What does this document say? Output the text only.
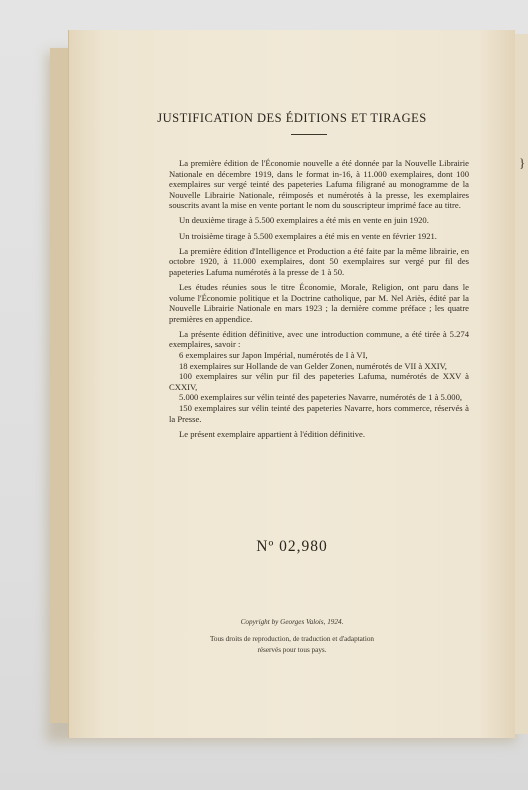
}
JUSTIFICATION DES ÉDITIONS ET TIRAGES

La première édition de l'Économie nouvelle a été donnée par la Nouvelle Librairie Nationale en décembre 1919, dans le format in-16, à 11.000 exemplaires, dont 100 exemplaires sur vergé teinté des papeteries Lafuma filigrané au monogramme de la Nouvelle Librairie Nationale, réimposés et numérotés à la presse, les exemplaires souscrits avant la mise en vente portant le nom du souscripteur imprimé face au titre.

Un deuxième tirage à 5.500 exemplaires a été mis en vente en juin 1920.

Un troisième tirage à 5.500 exemplaires a été mis en vente en février 1921.

La première édition d'Intelligence et Production a été faite par la même librairie, en octobre 1920, à 11.000 exemplaires, dont 50 exemplaires sur vergé pur fil des papeteries Lafuma numérotés à la presse de 1 à 50.

Les études réunies sous le titre Économie, Morale, Religion, ont paru dans le volume l'Économie politique et la Doctrine catholique, par M. Nel Ariès, édité par la Nouvelle Librairie Nationale en mars 1923 ; la dernière comme préface ; les quatre premières en appendice.

La présente édition définitive, avec une introduction commune, a été tirée à 5.274 exemplaires, savoir :

6 exemplaires sur Japon Impérial, numérotés de I à VI,

18 exemplaires sur Hollande de van Gelder Zonen, numérotés de VII à XXIV,

100 exemplaires sur vélin pur fil des papeteries Lafuma, numérotés de XXV à CXXIV,

5.000 exemplaires sur vélin teinté des papeteries Navarre, numérotés de 1 à 5.000,

150 exemplaires sur vélin teinté des papeteries Navarre, hors commerce, réservés à la Presse.

Le présent exemplaire appartient à l'édition définitive.

Nº 02,980
Copyright by Georges Valois, 1924.
Tous droits de reproduction, de traduction et d'adaptation
réservés pour tous pays.
